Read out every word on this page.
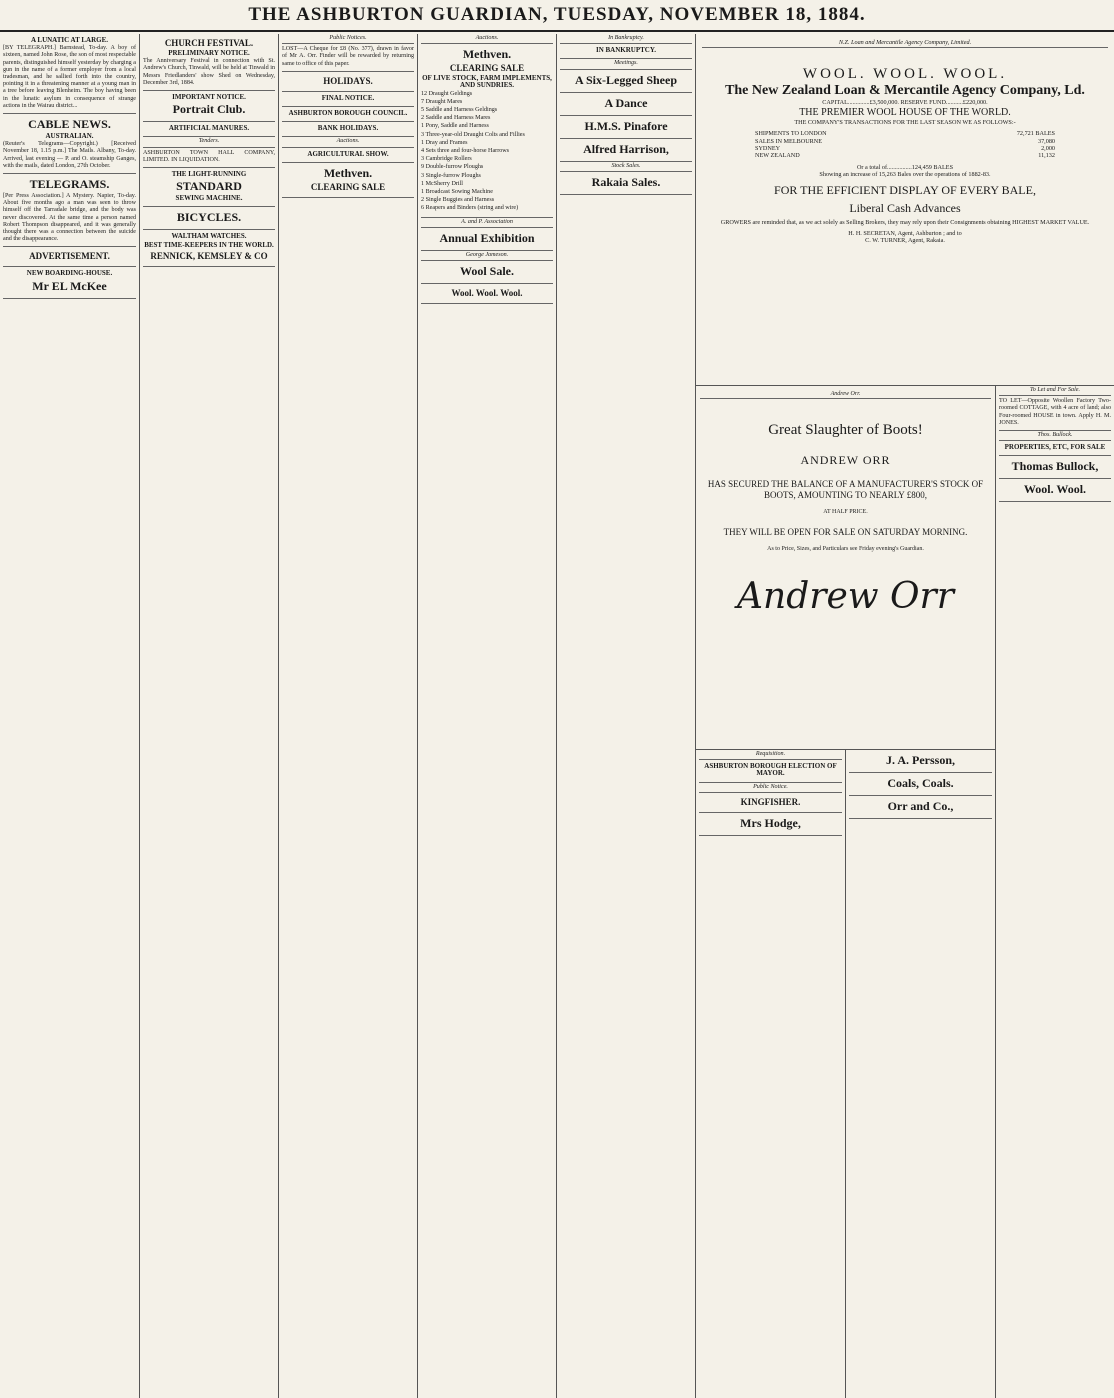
THE ASHBURTON GUARDIAN, TUESDAY, NOVEMBER 18, 1884.
A LUNATIC AT LARGE.
[BY TELEGRAPH.] Barnstead, To-day. A boy of sixteen, named John Rose, the son of most respectable parents, distinguished himself yesterday by charging a gun in the name of a former employer from a local tradesman, and he sallied forth into the country, pointing it in a threatening manner at a young man in a tree before leaving Blenheim. The boy having been in the lunatic asylum in consequence of strange actions in the Wairau district...
CABLE NEWS.
AUSTRALIAN.
(Reuter's Telegrams—Copyright.) [Received November 18, 1.15 p.m.] The Mails. Albany, To-day. Arrived, last evening — P. and O. steamship Ganges, with the mails, dated London, 27th October.
TELEGRAMS.
[Per Press Association.] A Mystery. Napier, To-day. About five months ago a man was seen to throw himself off the Tarradale bridge, and the body was never discovered. At the same time a person named Robert Thompson disappeared, and it was generally thought there was a connection between the suicide and the disappearance.
ADVERTISEMENT.
NEW BOARDING-HOUSE.
Mr EL McKee
CHURCH FESTIVAL.
PRELIMINARY NOTICE.
The Anniversary Festival in connection with St. Andrew's Church, Tinwald, will be held at Tinwald in Messrs Friedlanders' show Shed on Wednesday, December 3rd, 1884.
IMPORTANT NOTICE.
Portrait Club.
ARTIFICIAL MANURES.
Tenders.
ASHBURTON TOWN HALL COMPANY, LIMITED. IN LIQUIDATION.
THE LIGHT-RUNNING
STANDARD
SEWING MACHINE.
BICYCLES.
WALTHAM WATCHES.
BEST TIME-KEEPERS IN THE WORLD.
RENNICK, KEMSLEY & CO
Public Notices.
LOST—A Cheque for £8 (No. 377), drawn in favor of Mr A. Orr. Finder will be rewarded by returning same to office of this paper.
HOLIDAYS.
FINAL NOTICE.
ASHBURTON BOROUGH COUNCIL.
BANK HOLIDAYS.
Auctions.
AGRICULTURAL SHOW.
Methven.
CLEARING SALE
Auctions.
Methven.
CLEARING SALE
OF LIVE STOCK, FARM IMPLEMENTS, AND SUNDRIES.
12 Draught Geldings
7 Draught Mares
5 Saddle and Harness Geldings
2 Saddle and Harness Mares
1 Pony, Saddle and Harness
3 Three-year-old Draught Colts and Fillies
1 Dray and Frames
4 Sets three and four-horse Harrows
3 Cambridge Rollers
9 Double-furrow Ploughs
3 Single-furrow Ploughs
1 McSherry Drill
1 Broadcast Sowing Machine
2 Single Buggies and Harness
6 Reapers and Binders (string and wire)
A. and P. Association
Annual Exhibition
George Jameson.
Wool Sale.
Wool. Wool. Wool.
In Bankruptcy.
IN BANKRUPTCY.
Meetings.
A Six-Legged Sheep
A Dance
H.M.S. Pinafore
Alfred Harrison,
Stock Sales.
Rakaia Sales.
N.Z. Loan and Mercantile Agency Company, Limited.
WOOL. WOOL. WOOL.
The New Zealand Loan & Mercantile Agency Company, Ld.
CAPITAL..............£3,500,000. RESERVE FUND...........£220,000.
THE PREMIER WOOL HOUSE OF THE WORLD.
THE COMPANY'S TRANSACTIONS FOR THE LAST SEASON WE AS FOLLOWS:-
SHIPMENTS TO LONDON	72,721 BALES
SALES IN MELBOURNE	37,080
SYDNEY	2,000
NEW ZEALAND	11,132
Or a total of................124,459 BALES
Showing an increase of 15,263 Bales over the operations of 1882-83.
FOR THE EFFICIENT DISPLAY OF EVERY BALE,
Liberal Cash Advances
GROWERS are reminded that, as we act solely as Selling Brokers, they may rely upon their Consignments obtaining HIGHEST MARKET VALUE.
H. H. SECRETAN, Agent, Ashburton ; and to
C. W. TURNER, Agent, Rakaia.
Andrew Orr.
Great Slaughter of Boots!
ANDREW ORR
HAS SECURED THE BALANCE OF A MANUFACTURER'S STOCK OF BOOTS, AMOUNTING TO NEARLY £800,
AT HALF PRICE.
THEY WILL BE OPEN FOR SALE ON SATURDAY MORNING.
As to Price, Sizes, and Particulars see Friday evening's Guardian.
Andrew Orr
To Let and For Sale.
TO LET—Opposite Woollen Factory Two-roomed COTTAGE, with 4 acre of land; also Four-roomed HOUSE in town. Apply H. M. JONES.
Thos. Bullock.
PROPERTIES, ETC, FOR SALE
Thomas Bullock,
Wool. Wool.
Requisition.
ASHBURTON BOROUGH ELECTION OF MAYOR.
Public Notice.
KINGFISHER.
Mrs Hodge,
J. A. Persson,
Coals, Coals.
Orr and Co.,
